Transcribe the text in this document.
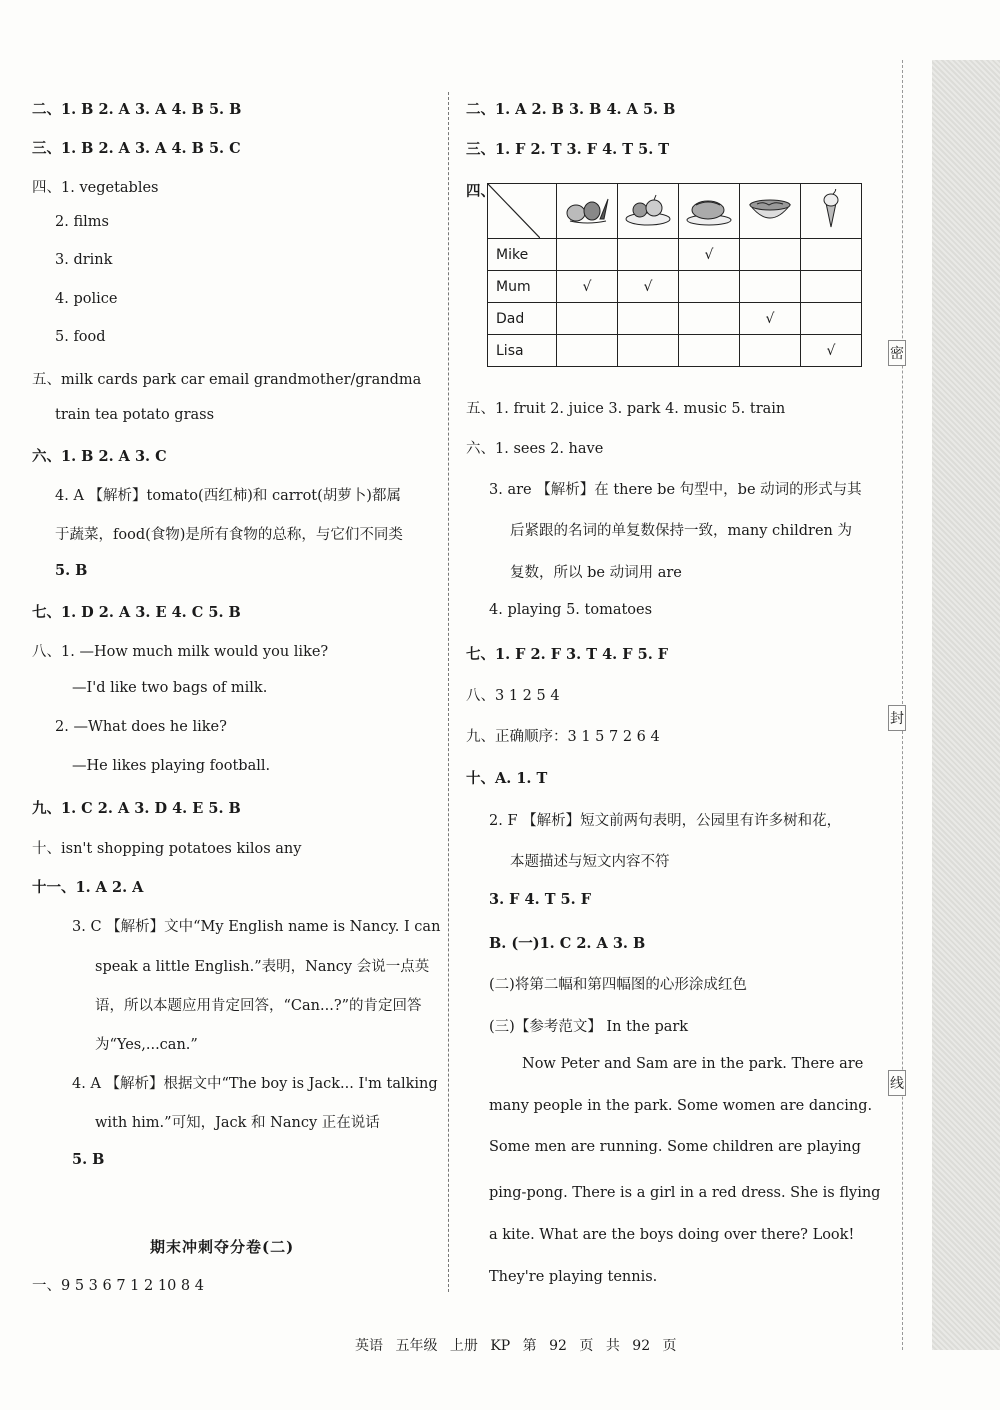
期末冲刺夺分卷(二)

Mike			√		
Mum	√	√			
Dad				√	
Lisa					√	密
封
线
英语 五年级 上册 KP 第 92 页 共 92 页
二、1. B 2. A 3. A 4. B 5. B
三、1. B 2. A 3. A 4. B 5. C
四、1. vegetables
2. films
3. drink
4. police
5. food
五、milk cards park car email grandmother/grandma
train tea potato grass
六、1. B 2. A 3. C
4. A 【解析】tomato(西红柿)和 carrot(胡萝卜)都属
于蔬菜，food(食物)是所有食物的总称，与它们不同类
5. B
七、1. D 2. A 3. E 4. C 5. B
八、1. —How much milk would you like?
—I'd like two bags of milk.
2. —What does he like?
—He likes playing football.
九、1. C 2. A 3. D 4. E 5. B
十、isn't shopping potatoes kilos any
十一、1. A 2. A
3. C 【解析】文中“My English name is Nancy. I can
speak a little English.”表明，Nancy 会说一点英
语，所以本题应用肯定回答，“Can...?”的肯定回答
为“Yes,...can.”
4. A 【解析】根据文中“The boy is Jack... I'm talking
with him.”可知，Jack 和 Nancy 正在说话
5. B
一、9 5 3 6 7 1 2 10 8 4
二、1. A 2. B 3. B 4. A 5. B
三、1. F 2. T 3. F 4. T 5. T
四、
五、1. fruit 2. juice 3. park 4. music 5. train
六、1. sees 2. have
3. are 【解析】在 there be 句型中，be 动词的形式与其
后紧跟的名词的单复数保持一致，many children 为
复数，所以 be 动词用 are
4. playing 5. tomatoes
七、1. F 2. F 3. T 4. F 5. F
八、3 1 2 5 4
九、正确顺序：3 1 5 7 2 6 4
十、A. 1. T
2. F 【解析】短文前两句表明，公园里有许多树和花，
本题描述与短文内容不符
3. F 4. T 5. F
B. (一)1. C 2. A 3. B
(二)将第二幅和第四幅图的心形涂成红色
(三)【参考范文】 In the park
Now Peter and Sam are in the park. There are
many people in the park. Some women are dancing.
Some men are running. Some children are playing
ping-pong. There is a girl in a red dress. She is flying
a kite. What are the boys doing over there? Look!
They're playing tennis.
